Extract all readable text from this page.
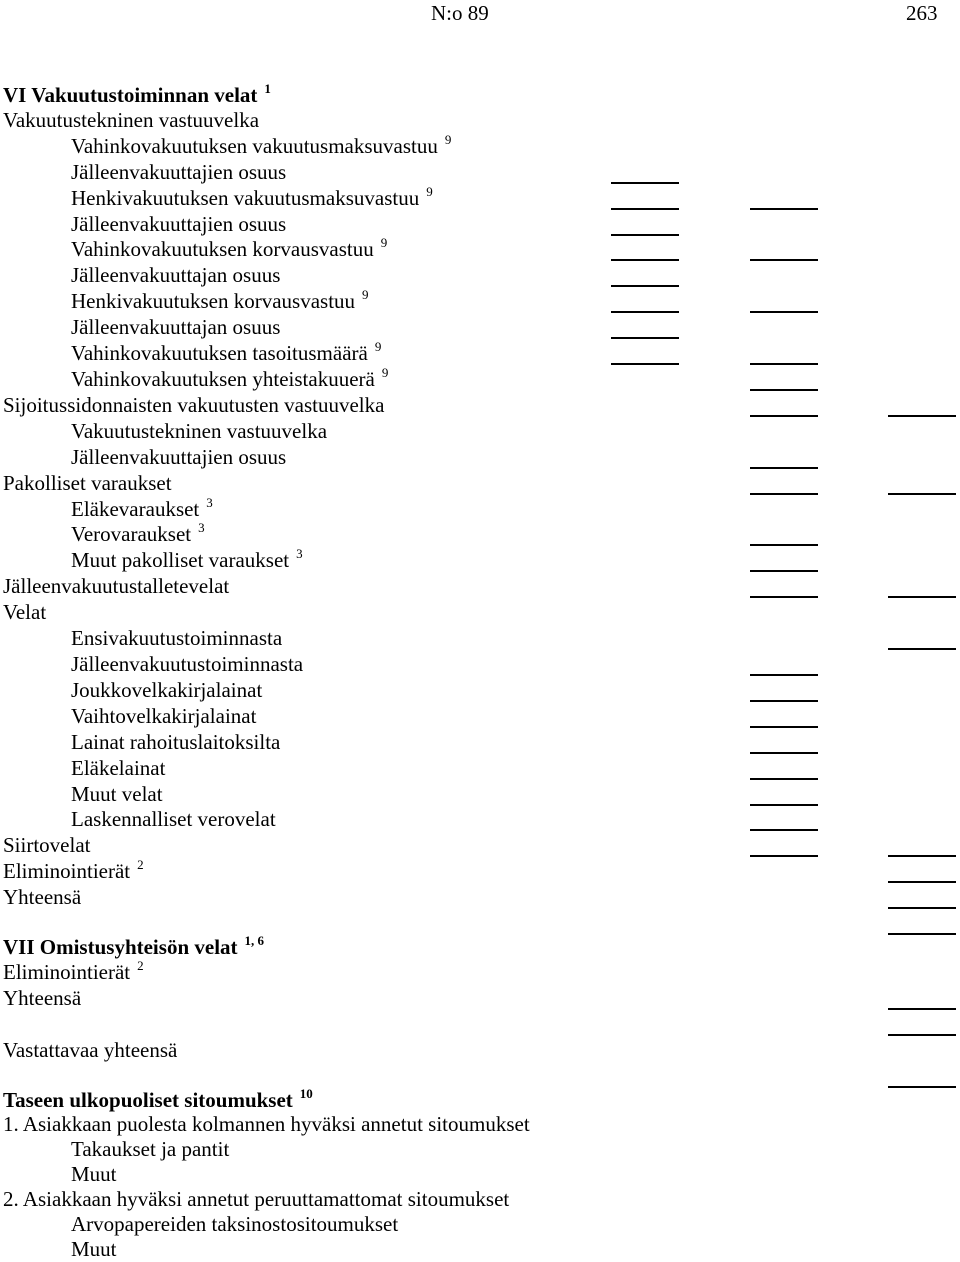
N:o 89	263
VI Vakuutustoiminnan velat $^1$
Vakuutustekninen vastuuvelka
Vahinkovakuutuksen vakuutusmaksuvastuu $^9$
Jälleenvakuuttajien osuus
Henkivakuutuksen vakuutusmaksuvastuu $^9$
Jälleenvakuuttajien osuus
Vahinkovakuutuksen korvausvastuu $^9$
Jälleenvakuuttajan osuus
Henkivakuutuksen korvausvastuu $^9$
Jälleenvakuuttajan osuus
Vahinkovakuutuksen tasoitusmäärä $^9$
Vahinkovakuutuksen yhteistakuuerä $^9$
Sijoitussidonnaisten vakuutusten vastuuvelka
Vakuutustekninen vastuuvelka
Jälleenvakuuttajien osuus
Pakolliset varaukset
Eläkevaraukset $^3$
Verovaraukset $^3$
Muut pakolliset varaukset $^3$
Jälleenvakuutustalletevelat
Velat
Ensivakuutustoiminnasta
Jälleenvakuutustoiminnasta
Joukkovelkakirjalainat
Vaihtovelkakirjalainat
Lainat rahoituslaitoksilta
Eläkelainat
Muut velat
Laskennalliset verovelat
Siirtovelat
Eliminointierät $^2$
Yhteensä
VII Omistusyhteisön velat $^{1, 6}$
Eliminointierät $^2$
Yhteensä
Vastattavaa yhteensä
Taseen ulkopuoliset sitoumukset $^{10}$
1. Asiakkaan puolesta kolmannen hyväksi annetut sitoumukset
Takaukset ja pantit
Muut
2. Asiakkaan hyväksi annetut peruuttamattomat sitoumukset
Arvopapereiden taksinostositoumukset
Muut
